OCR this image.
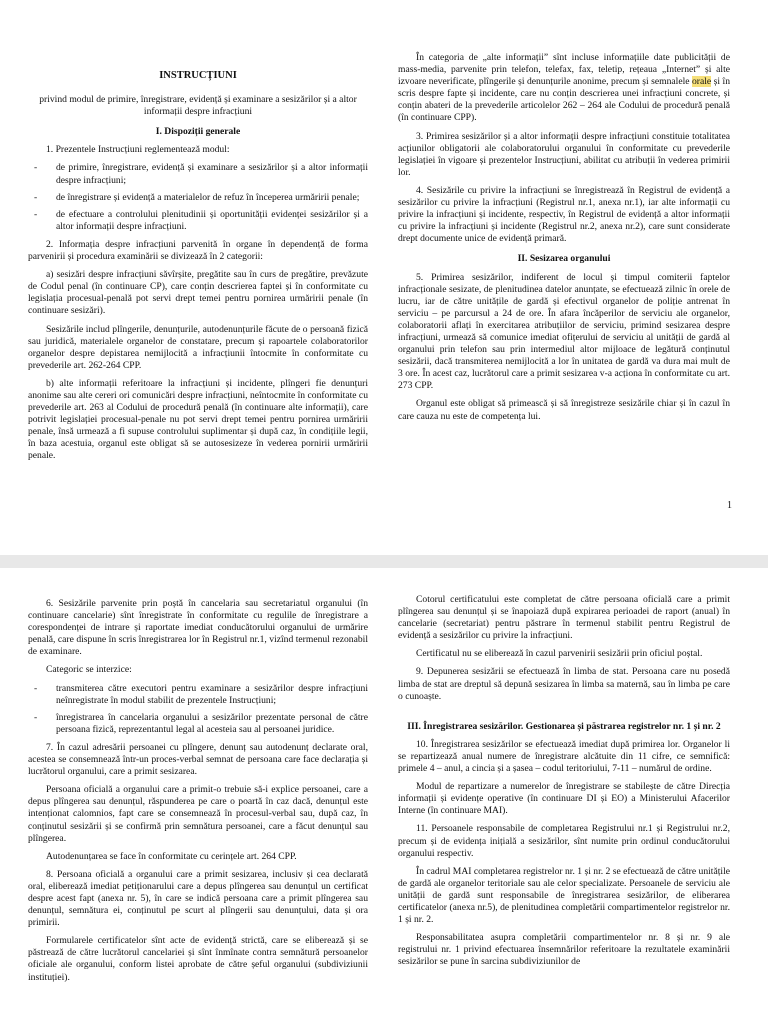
INSTRUCȚIUNI

privind modul de primire, înregistrare, evidență și examinare a sesizărilor și a altor informații despre infracțiuni

I. Dispoziții generale

1. Prezentele Instrucțiuni reglementează modul:

- de primire, înregistrare, evidență și examinare a sesizărilor și a altor informații despre infracțiuni;
- de înregistrare și evidență a materialelor de refuz în începerea urmăririi penale;
- de efectuare a controlului plenitudinii și oportunității evidenței sesizărilor și a altor informații despre infracțiuni.

2. Informația despre infracțiuni parvenită în organe în dependență de forma parvenirii și procedura examinării se divizează în 2 categorii:

a) sesizări despre infracțiuni săvîrșite, pregătite sau în curs de pregătire, prevăzute de Codul penal (în continuare CP), care conțin descrierea faptei și în conformitate cu legislația procesual-penală pot servi drept temei pentru pornirea urmăririi penale (în continuare sesizări).

Sesizările includ plîngerile, denunțurile, autodenunțurile făcute de o persoană fizică sau juridică, materialele organelor de constatare, precum și rapoartele colaboratorilor organelor despre depistarea nemijlocită a infracțiunii întocmite în conformitate cu prevederile art. 262-264 CPP.

b) alte informații referitoare la infracțiuni și incidente, plîngeri fie denunțuri anonime sau alte cereri ori comunicări despre infracțiuni, neîntocmite în conformitate cu prevederile art. 263 al Codului de procedură penală (în continuare alte informații), care potrivit legislației procesual-penale nu pot servi drept temei pentru pornirea urmăririi penale, însă urmează a fi supuse controlului suplimentar și după caz, în condițiile legii, în baza acestuia, organul este obligat să se autosesizeze în vederea pornirii urmăririi penale.

În categoria de „alte informații” sînt incluse informațiile date publicității de mass-media, parvenite prin telefon, telefax, fax, teletip, rețeaua „Internet” și alte izvoare neverificate, plîngerile și denunțurile anonime, precum și semnalele orale și în scris despre fapte și incidente, care nu conțin descrierea unei infracțiuni concrete, și conțin abateri de la prevederile articolelor 262 – 264 ale Codului de procedură penală (în continuare CPP).

3. Primirea sesizărilor și a altor informații despre infracțiuni constituie totalitatea acțiunilor obligatorii ale colaboratorului organului în conformitate cu prevederile legislației în vigoare și prezentelor Instrucțiuni, abilitat cu atribuții în vederea primirii lor.

4. Sesizările cu privire la infracțiuni se înregistrează în Registrul de evidență a sesizărilor cu privire la infracțiuni (Registrul nr.1, anexa nr.1), iar alte informații cu privire la infracțiuni și incidente, respectiv, în Registrul de evidență a altor informații cu privire la infracțiuni și incidente (Registrul nr.2, anexa nr.2), care sunt considerate drept documente unice de evidență primară.

II. Sesizarea organului

5. Primirea sesizărilor, indiferent de locul și timpul comiterii faptelor infracționale sesizate, de plenitudinea datelor anunțate, se efectuează zilnic în orele de lucru, iar de către unitățile de gardă și efectivul organelor de poliție antrenat în serviciu – pe parcursul a 24 de ore. În afara încăperilor de serviciu ale organelor, colaboratorii aflați în exercitarea atribuțiilor de serviciu, primind sesizarea despre infracțiuni, urmează să comunice imediat ofițerului de serviciu al unității de gardă al organului prin telefon sau prin intermediul altor mijloace de legătură conținutul sesizării, dacă transmiterea nemijlocită a lor în unitatea de gardă va dura mai mult de 3 ore. În acest caz, lucrătorul care a primit sesizarea v-a acționa în conformitate cu art. 273 CPP.

Organul este obligat să primească și să înregistreze sesizările chiar și în cazul în care cauza nu este de competența lui.

1

6. Sesizările parvenite prin poștă în cancelaria sau secretariatul organului (în continuare cancelarie) sînt înregistrate în conformitate cu regulile de înregistrare a corespondenței de intrare și raportate imediat conducătorului organului de urmărire penală, care dispune în scris înregistrarea lor în Registrul nr.1, vizînd termenul rezonabil de examinare.

Categoric se interzice:

- transmiterea către executori pentru examinare a sesizărilor despre infracțiuni neînregistrate în modul stabilit de prezentele Instrucțiuni;
- înregistrarea în cancelaria organului a sesizărilor prezentate personal de către persoana fizică, reprezentantul legal al acesteia sau al persoanei juridice.

7. În cazul adresării persoanei cu plîngere, denunț sau autodenunț declarate oral, acestea se consemnează într-un proces-verbal semnat de persoana care face declarația și lucrătorul organului, care a primit sesizarea.

Persoana oficială a organului care a primit-o trebuie să-i explice persoanei, care a depus plîngerea sau denunțul, răspunderea pe care o poartă în caz dacă, denunțul este intenționat calomnios, fapt care se consemnează în procesul-verbal sau, după caz, în conținutul sesizării și se confirmă prin semnătura persoanei, care a făcut denunțul sau plîngerea.

Autodenunțarea se face în conformitate cu cerințele art. 264 CPP.

8. Persoana oficială a organului care a primit sesizarea, inclusiv și cea declarată oral, eliberează imediat petiționarului care a depus plîngerea sau denunțul un certificat despre acest fapt (anexa nr. 5), în care se indică persoana care a primit plîngerea sau denunțul, semnătura ei, conținutul pe scurt al plîngerii sau denunțului, data și ora primirii.

Formularele certificatelor sînt acte de evidență strictă, care se eliberează și se păstrează de către lucrătorul cancelariei și sînt înmînate contra semnătură persoanelor oficiale ale organului, conform listei aprobate de către șeful organului (subdiviziunii instituției).

Cotorul certificatului este completat de către persoana oficială care a primit plîngerea sau denunțul și se înapoiază după expirarea perioadei de raport (anual) în cancelarie (secretariat) pentru păstrare în termenul stabilit pentru Registrul de evidență a sesizărilor cu privire la infracțiuni.

Certificatul nu se eliberează în cazul parvenirii sesizării prin oficiul poștal.

9. Depunerea sesizării se efectuează în limba de stat. Persoana care nu posedă limba de stat are dreptul să depună sesizarea în limba sa maternă, sau în limba pe care o cunoaște.

III. Înregistrarea sesizărilor. Gestionarea și păstrarea registrelor nr. 1 și nr. 2

10. Înregistrarea sesizărilor se efectuează imediat după primirea lor. Organelor li se repartizează anual numere de înregistrare alcătuite din 11 cifre, ce semnifică: primele 4 – anul, a cincia și a șasea – codul teritoriului, 7-11 – numărul de ordine.

Modul de repartizare a numerelor de înregistrare se stabilește de către Direcția informații și evidențe operative (în continuare DI și EO) a Ministerului Afacerilor Interne (în continuare MAI).

11. Persoanele responsabile de completarea Registrului nr.1 și Registrului nr.2, precum și de evidența inițială a sesizărilor, sînt numite prin ordinul conducătorului organului respectiv.

În cadrul MAI completarea registrelor nr. 1 și nr. 2 se efectuează de către unitățile de gardă ale organelor teritoriale sau ale celor specializate. Persoanele de serviciu ale unității de gardă sunt responsabile de înregistrarea sesizărilor, de eliberarea certificatelor (anexa nr.5), de plenitudinea completării compartimentelor registrelor nr. 1 și nr. 2.

Responsabilitatea asupra completării compartimentelor nr. 8 și nr. 9 ale registrului nr. 1 privind efectuarea însemnărilor referitoare la rezultatele examinării sesizărilor se pune în sarcina subdiviziunilor de
